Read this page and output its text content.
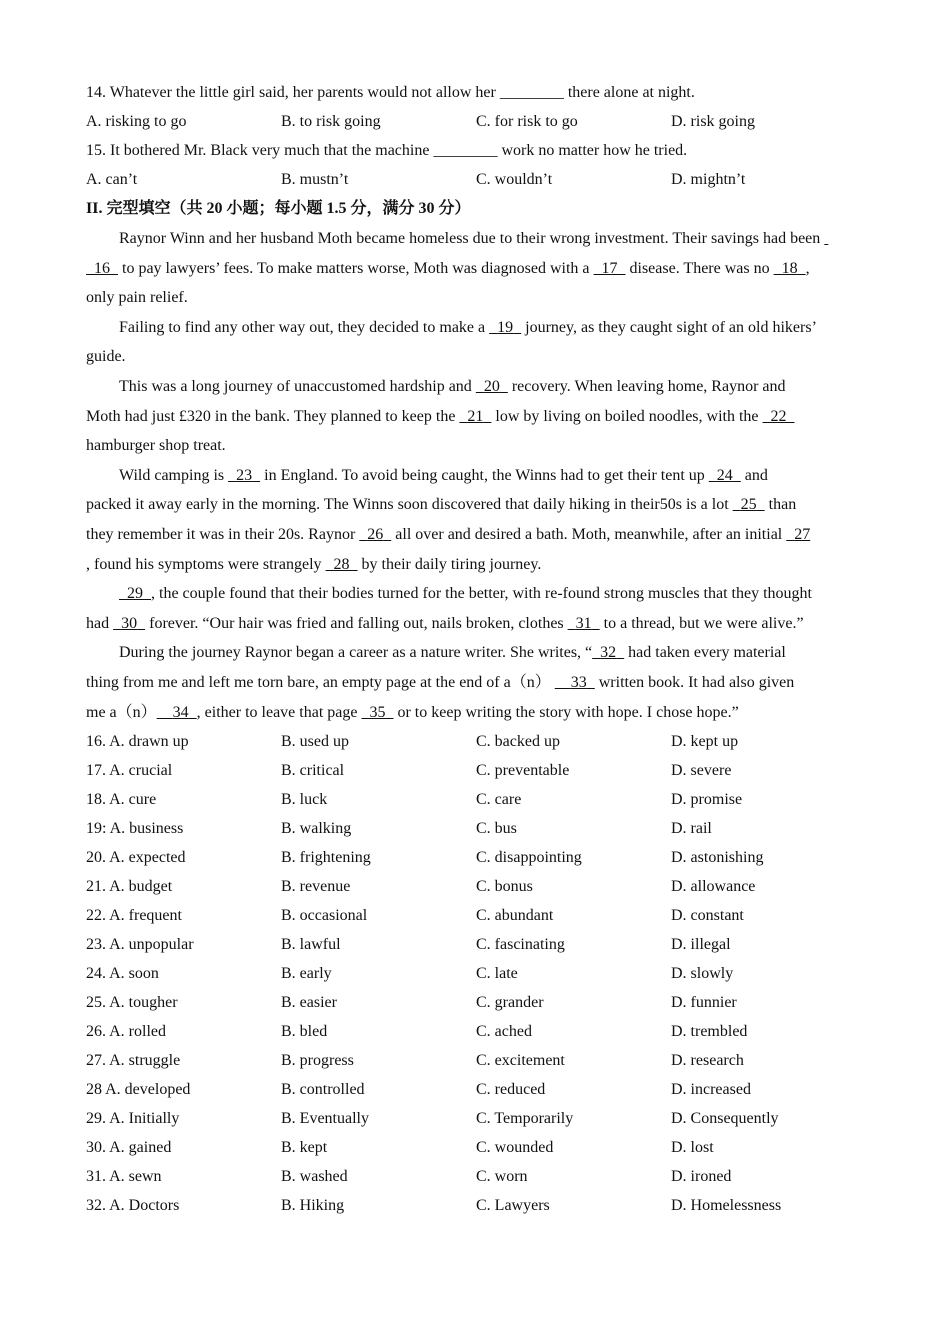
14. Whatever the little girl said, her parents would not allow her ________ there alone at night.
A. risking to go	B. to risk going	C. for risk to go	D. risk going
15. It bothered Mr. Black very much that the machine ________ work no matter how he tried.
A. can’t	B. mustn’t	C. wouldn’t	D. mightn’t
II. 完型填空（共 20 小题；每小题 1.5 分，满分 30 分）
Raynor Winn and her husband Moth became homeless due to their wrong investment. Their savings had been
16   to pay lawyers’ fees. To make matters worse, Moth was diagnosed with a   17   disease. There was no   18 ,
only pain relief.
Failing to find any other way out, they decided to make a   19   journey, as they caught sight of an old hikers’
guide.
This was a long journey of unaccustomed hardship and   20   recovery. When leaving home, Raynor and
Moth had just £320 in the bank. They planned to keep the   21   low by living on boiled noodles, with the   22
hamburger shop treat.
Wild camping is   23   in England. To avoid being caught, the Winns had to get their tent up   24   and
packed it away early in the morning. The Winns soon discovered that daily hiking in their50s is a lot   25   than
they remember it was in their 20s. Raynor   26   all over and desired a bath. Moth, meanwhile, after an initial   27
, found his symptoms were strangely   28   by their daily tiring journey.
29 , the couple found that their bodies turned for the better, with re-found strong muscles that they thought
had   30   forever. “Our hair was fried and falling out, nails broken, clothes   31   to a thread, but we were alive.”
During the journey Raynor began a career as a nature writer. She writes, “ 32   had taken every material
thing from me and left me torn bare, an empty page at the end of a（n）     33   written book. It had also given
me a（n） 34 , either to leave that page   35   or to keep writing the story with hope. I chose hope.”
16. A. drawn up	B. used up	C. backed up	D. kept up
17. A. crucial	B. critical	C. preventable	D. severe
18. A. cure	B. luck	C. care	D. promise
19: A. business	B. walking	C. bus	D. rail
20. A. expected	B. frightening	C. disappointing	D. astonishing
21. A. budget	B. revenue	C. bonus	D. allowance
22. A. frequent	B. occasional	C. abundant	D. constant
23. A. unpopular	B. lawful	C. fascinating	D. illegal
24. A. soon	B. early	C. late	D. slowly
25. A. tougher	B. easier	C. grander	D. funnier
26. A. rolled	B. bled	C. ached	D. trembled
27. A. struggle	B. progress	C. excitement	D. research
28 A. developed	B. controlled	C. reduced	D. increased
29. A. Initially	B. Eventually	C. Temporarily	D. Consequently
30. A. gained	B. kept	C. wounded	D. lost
31. A. sewn	B. washed	C. worn	D. ironed
32. A. Doctors	B. Hiking	C. Lawyers	D. Homelessness
